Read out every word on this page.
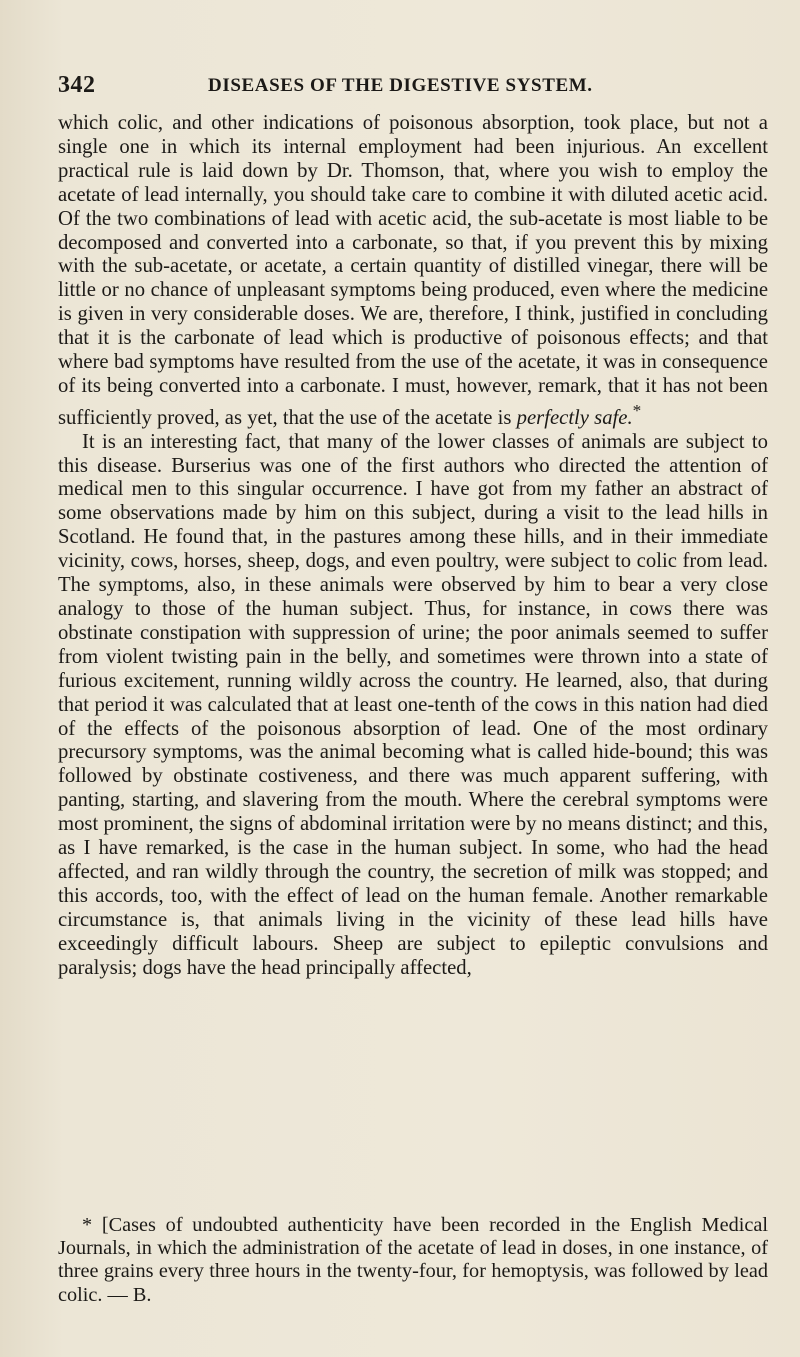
342	DISEASES OF THE DIGESTIVE SYSTEM.

which colic, and other indications of poisonous absorption, took place, but not a single one in which its internal employment had been injurious. An excellent practical rule is laid down by Dr. Thomson, that, where you wish to employ the acetate of lead internally, you should take care to combine it with diluted acetic acid. Of the two combinations of lead with acetic acid, the sub-acetate is most liable to be decomposed and converted into a carbonate, so that, if you prevent this by mixing with the sub-acetate, or acetate, a certain quantity of distilled vinegar, there will be little or no chance of unpleasant symptoms being produced, even where the medicine is given in very considerable doses. We are, therefore, I think, justified in concluding that it is the carbonate of lead which is productive of poisonous effects; and that where bad symptoms have resulted from the use of the acetate, it was in consequence of its being converted into a carbonate. I must, however, remark, that it has not been sufficiently proved, as yet, that the use of the acetate is perfectly safe.*

It is an interesting fact, that many of the lower classes of animals are subject to this disease. Burserius was one of the first authors who directed the attention of medical men to this singular occurrence. I have got from my father an abstract of some observations made by him on this subject, during a visit to the lead hills in Scotland. He found that, in the pastures among these hills, and in their immediate vicinity, cows, horses, sheep, dogs, and even poultry, were subject to colic from lead. The symptoms, also, in these animals were observed by him to bear a very close analogy to those of the human subject. Thus, for instance, in cows there was obstinate constipation with suppression of urine; the poor animals seemed to suffer from violent twisting pain in the belly, and sometimes were thrown into a state of furious excitement, running wildly across the country. He learned, also, that during that period it was calculated that at least one-tenth of the cows in this nation had died of the effects of the poisonous absorption of lead. One of the most ordinary precursory symptoms, was the animal becoming what is called hide-bound; this was followed by obstinate costiveness, and there was much apparent suffering, with panting, starting, and slavering from the mouth. Where the cerebral symptoms were most prominent, the signs of abdominal irritation were by no means distinct; and this, as I have remarked, is the case in the human subject. In some, who had the head affected, and ran wildly through the country, the secretion of milk was stopped; and this accords, too, with the effect of lead on the human female. Another remarkable circumstance is, that animals living in the vicinity of these lead hills have exceedingly difficult labours. Sheep are subject to epileptic convulsions and paralysis; dogs have the head principally affected,

* [Cases of undoubted authenticity have been recorded in the English Medical Journals, in which the administration of the acetate of lead in doses, in one instance, of three grains every three hours in the twenty-four, for hemoptysis, was followed by lead colic. — B.
